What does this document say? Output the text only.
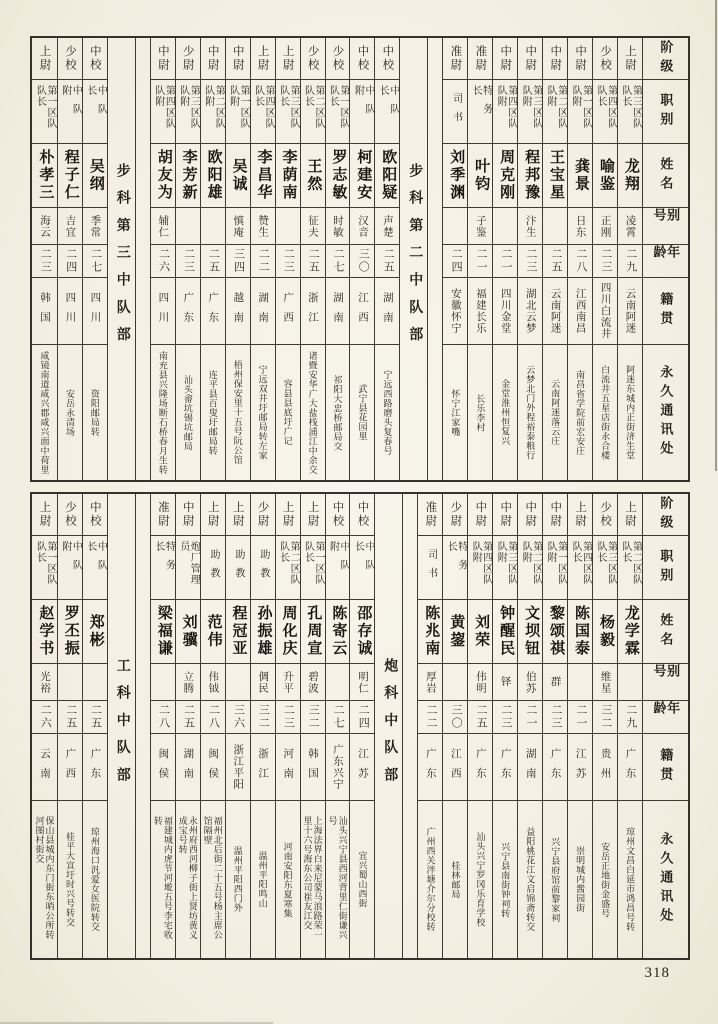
阶级
职别
姓名
别号
年龄
籍贯
永久通讯处
上尉
第三区队队长
龙翔
凌霄
二九
云南阿迷
阿迷东城内正街济生堂
少校
第四区队队长
喻鉴
正刚
二三
四川白流井
白流井五星店街永合楼
中尉
第一区队队附
龚景
日东
二八
江西南昌
南昌省学院前宏安庄
中尉
第二区队队附
王宝星
二五
云南阿迷
云南阿迷落云庄
中尉
第三区队队附
程邦豫
汴生
二三
湖北云梦
云梦北门外程裕泰粮行
中尉
第四区队队附
周克刚
二一
四川金堂
金堂淮州恒复兴
准尉
特务长
叶钧
子鉴
二一
福建长乐
长乐李村
准尉
司书
刘季渊
二四
安徽怀宁
怀宁江家嘴
步科第二中队部
中校
中队长
欧阳疑
声楚
二五
湖南
宁远西路磨头复春号
中校
中队附
柯建安
汉音
三〇
江西
武宁县花园里
少校
第一区队队长
罗志敏
时敏
二七
湖南
祁阳大忠桥邮局交
少校
第二区队队长
王然
征夫
二五
浙江
诸暨安华广大盐栈浦江中余交
上尉
第三区队队长
李荫南
二三
广西
容县县底圩广记
上尉
第四区队队长
李昌华
赞生
二二
湖南
宁远双井圩邮局转左家
中尉
第一区队队附
吴诚
慎庵
三四
越南
梧州保安里十五号阮公馆
中尉
第二区队队附
欧阳雄
二五
广东
连平县百叟圩邮局转
少尉
第三区队队附
李芳新
二三
广东
汕头畲坑锡坑邮局
中尉
第四区队队附
胡友为
辅仁
二六
四川
南充县兴隆场断石桥春月生转
步科第三中队部
中校
中队长
吴纲
季常
二七
四川
资阳邮局转
少校
中队附
程子仁
吉宜
二四
四川
安岳永清场
上尉
第一区队队长
朴孝三
海云
二三
韩国
咸镜南道咸兴郡咸兴面中荷里
阶级
职别
姓名
别号
年龄
籍贯
永久通讯处
上尉
第二区队队长
龙学霖
二九
广东
琼州文昌白延市鸿昌号转
少校
第三区队队长
杨毅
维星
三二
贵州
安岳正地街金盛号
上尉
第四区队队长
陈国泰
二一
江苏
崇明城内酱园街
中尉
第一区队队附
黎颂祺
群
二三
广东
兴宁县府馆前黎家祠
中尉
第二区队队附
文坝钮
伯苏
二一
湖南
益阳桃花江文启锦斋转交
中尉
第三区队队附
钟醒民
铎
二三
广东
兴宁县南街钟祠转
中尉
第四区队队附
刘荣
伟明
二五
广东
汕头兴宁罗冈乐育学校
少尉
特务长
黄鋆
三〇
江西
桂林邮局
准尉
司书
陈兆南
厚岩
二二
广东
广州西关泮塘介尔分校转
炮科中队部
中校
中队长
邵存诚
明仁
二四
江苏
宜兴蜀山西街
中校
中队附
陈寄云
二七
广东兴宁
汕头兴宁县西河背里仁街谦兴号
上尉
第一区队队长
孔周宣
碧波
三二
韩国
上海法界白来尼蒙马浪路荣一里十六号海东公司崔友江交
上尉
第二区队队长
周化庆
升平
二三
河南
河南安阳东夏寒集
少尉
助教
孙振雄
倜民
三二
浙江
温州平阳鸣山
上尉
助教
程冠亚
三六
浙江平阳
温州平阳西门外
上尉
助教
范伟
伟钺
二八
闽侯
福州北后街二十五号杨主席公馆隔壁
中尉
炮厂管理员
刘骥
立腾
二五
湖南
永州府西河柳子街上贤坊黄义成宝号转
准尉
特务长
梁福谦
二八
闽侯
福建城内虎节河墘五号李宅收转
工科中队部
中校
中队长
郑彬
二五
广东
琼州海口汎爱女医院转交
少校
中队附
罗丕振
二五
广西
桂平大宣圩时兴号转交
上尉
第一区队队长
赵学书
光裕
二六
云南
保山县城内东门街东哨公所转河图村街交
318
